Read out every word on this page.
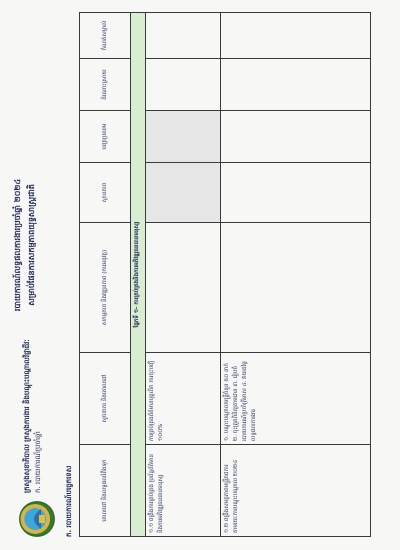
ក្រសួងសុខាភិបាល ក្រសួងការងារ និងបណ្តុះបណ្តាលវិជ្ជាជីវៈ ក. របាយការណ៍ប្រចាំឆ្នាំ
របាយការណ៍លទ្ធផលការងារប្រចាំឆ្នាំ ២០២៤ សម្រាប់ផែនការសកម្មភាពយុទ្ធសាស្ត្រជាតិ
ក. របាយការណ៍បច្ចេកទេស	គោលដៅ និងលទ្ធផលរំពឹងទុក	សូចនាករ និងគោលដៅ	សកម្មភាព និងវឌ្ឍនភាព (ការអនុវត្ត)	ស្ថានភាព	បញ្ហាប្រឈម	ដំណោះស្រាយ	កំណត់សម្គាល់
ផ្នែកទី ១- ការគ្រប់គ្រងនិងការអភិវឌ្ឍធនធានមនុស្ស						
១.១ ពង្រឹងការគ្រប់គ្រង ប្រព័ន្ធព័ត៌មាន និងការអភិវឌ្ឍធនធានមនុស្ស	ការគ្រប់គ្រងព័ត៌មានបុគ្គលិក ការចុះបញ្ជី ១០០%					
១.២ ពង្រឹងសមត្ថភាពមន្ត្រីរាជការ តាមរយៈការបណ្តុះបណ្តាល ២០២៤	១. បណ្តុះបណ្តាលមន្ត្រីចំនួន ៥០ នាក់ ២. ចុះត្រួតពិនិត្យតាមដាន ៣. រៀបចំរបាយការណ៍ប្រចាំត្រីមាស ៤. វាយតម្លៃលទ្ធផលការងារ					
